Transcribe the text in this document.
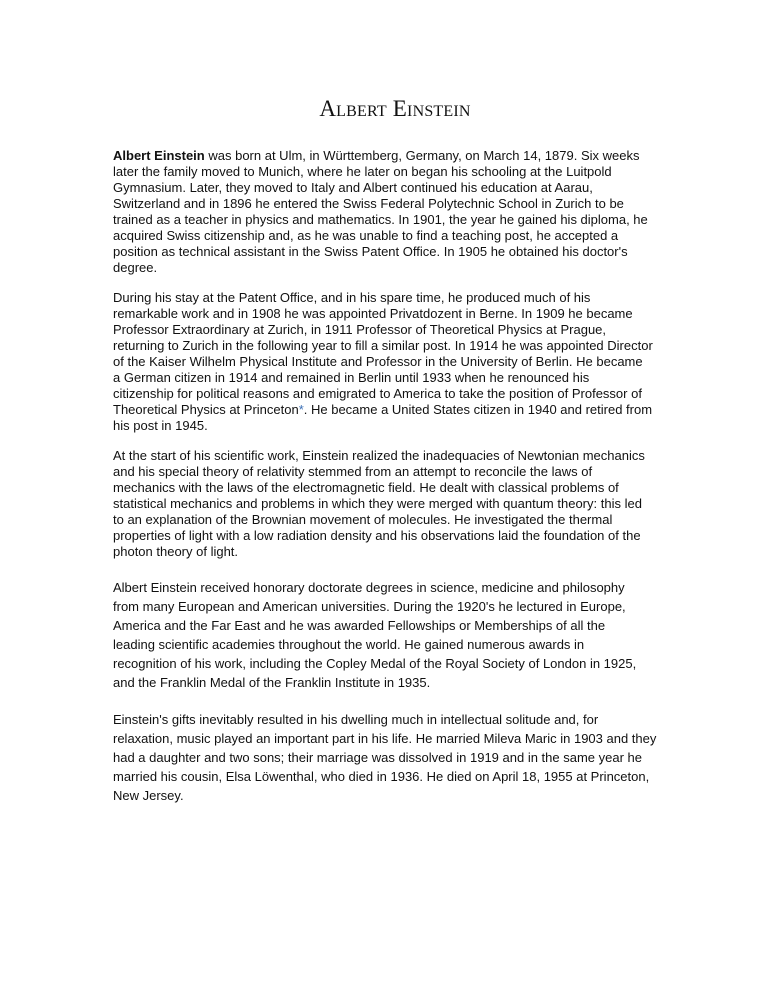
Albert Einstein

Albert Einstein was born at Ulm, in Württemberg, Germany, on March 14, 1879. Six weeks later the family moved to Munich, where he later on began his schooling at the Luitpold Gymnasium. Later, they moved to Italy and Albert continued his education at Aarau, Switzerland and in 1896 he entered the Swiss Federal Polytechnic School in Zurich to be trained as a teacher in physics and mathematics. In 1901, the year he gained his diploma, he acquired Swiss citizenship and, as he was unable to find a teaching post, he accepted a position as technical assistant in the Swiss Patent Office. In 1905 he obtained his doctor's degree.

During his stay at the Patent Office, and in his spare time, he produced much of his remarkable work and in 1908 he was appointed Privatdozent in Berne. In 1909 he became Professor Extraordinary at Zurich, in 1911 Professor of Theoretical Physics at Prague, returning to Zurich in the following year to fill a similar post. In 1914 he was appointed Director of the Kaiser Wilhelm Physical Institute and Professor in the University of Berlin. He became a German citizen in 1914 and remained in Berlin until 1933 when he renounced his citizenship for political reasons and emigrated to America to take the position of Professor of Theoretical Physics at Princeton*. He became a United States citizen in 1940 and retired from his post in 1945.

At the start of his scientific work, Einstein realized the inadequacies of Newtonian mechanics and his special theory of relativity stemmed from an attempt to reconcile the laws of mechanics with the laws of the electromagnetic field. He dealt with classical problems of statistical mechanics and problems in which they were merged with quantum theory: this led to an explanation of the Brownian movement of molecules. He investigated the thermal properties of light with a low radiation density and his observations laid the foundation of the photon theory of light.

Albert Einstein received honorary doctorate degrees in science, medicine and philosophy from many European and American universities. During the 1920's he lectured in Europe, America and the Far East and he was awarded Fellowships or Memberships of all the leading scientific academies throughout the world. He gained numerous awards in recognition of his work, including the Copley Medal of the Royal Society of London in 1925, and the Franklin Medal of the Franklin Institute in 1935.

Einstein's gifts inevitably resulted in his dwelling much in intellectual solitude and, for relaxation, music played an important part in his life. He married Mileva Maric in 1903 and they had a daughter and two sons; their marriage was dissolved in 1919 and in the same year he married his cousin, Elsa Löwenthal, who died in 1936. He died on April 18, 1955 at Princeton, New Jersey.
